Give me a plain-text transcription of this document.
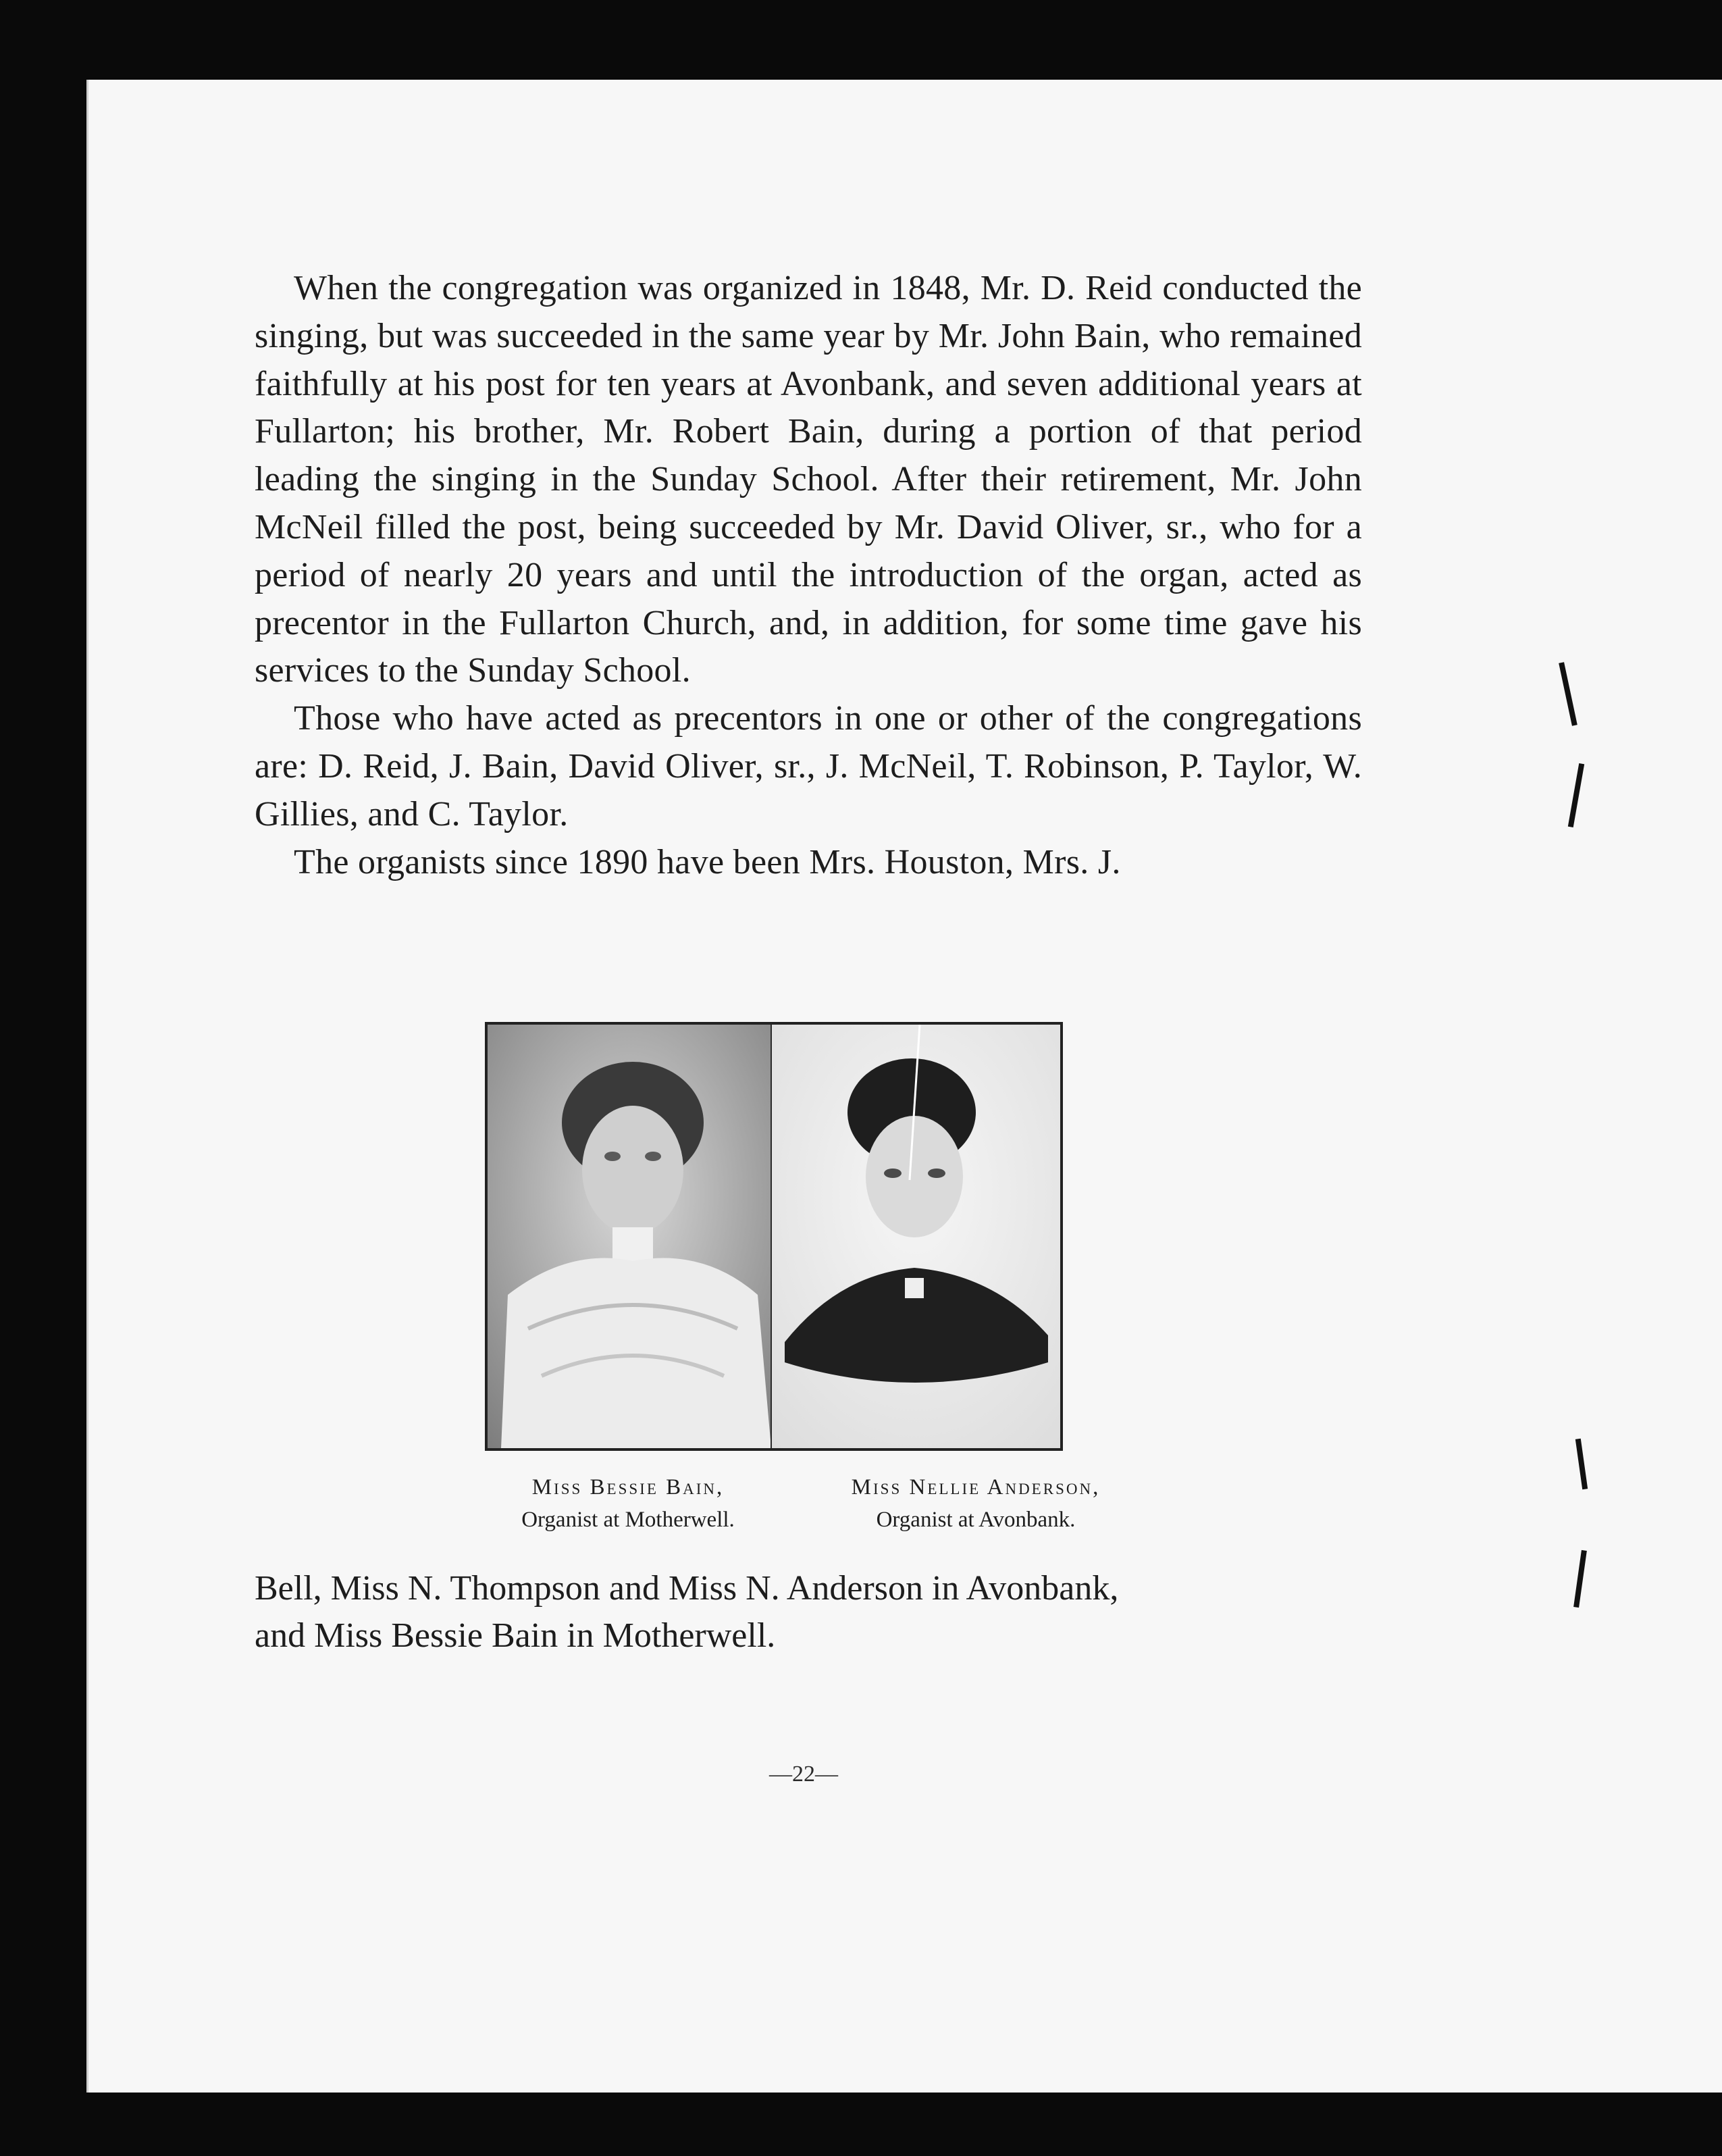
When the congregation was organized in 1848, Mr. D. Reid conducted the singing, but was succeeded in the same year by Mr. John Bain, who remained faithfully at his post for ten years at Avonbank, and seven additional years at Fullarton; his brother, Mr. Robert Bain, during a portion of that period leading the singing in the Sunday School. After their retirement, Mr. John McNeil filled the post, being succeeded by Mr. David Oliver, sr., who for a period of nearly 20 years and until the introduction of the organ, acted as precentor in the Fullarton Church, and, in addition, for some time gave his services to the Sunday School.

Those who have acted as precentors in one or other of the congregations are: D. Reid, J. Bain, David Oliver, sr., J. McNeil, T. Robinson, P. Taylor, W. Gillies, and C. Taylor.

The organists since 1890 have been Mrs. Houston, Mrs. J.

Miss Bessie Bain,
Organist at Motherwell.
Miss Nellie Anderson,
Organist at Avonbank.
Bell, Miss N. Thompson and Miss N. Anderson in Avonbank,
and Miss Bessie Bain in Motherwell.
—22—
